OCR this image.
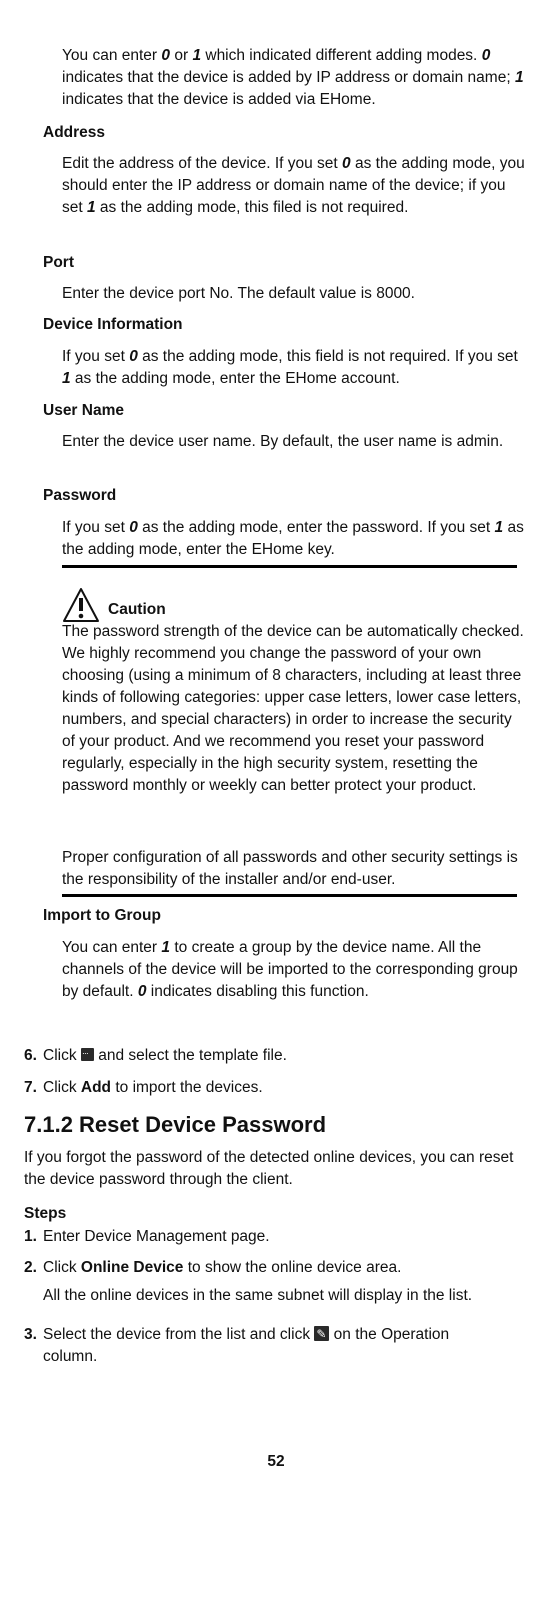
You can enter 0 or 1 which indicated different adding modes. 0 indicates that the device is added by IP address or domain name; 1 indicates that the device is added via EHome.

Address

Edit the address of the device. If you set 0 as the adding mode, you should enter the IP address or domain name of the device; if you set 1 as the adding mode, this filed is not required.

Port

Enter the device port No. The default value is 8000.

Device Information

If you set 0 as the adding mode, this field is not required. If you set 1 as the adding mode, enter the EHome account.

User Name

Enter the device user name. By default, the user name is admin.

Password

If you set 0 as the adding mode, enter the password. If you set 1 as the adding mode, enter the EHome key.

Caution

The password strength of the device can be automatically checked. We highly recommend you change the password of your own choosing (using a minimum of 8 characters, including at least three kinds of following categories: upper case letters, lower case letters, numbers, and special characters) in order to increase the security of your product. And we recommend you reset your password regularly, especially in the high security system, resetting the password monthly or weekly can better protect your product.

Proper configuration of all passwords and other security settings is the responsibility of the installer and/or end-user.

Import to Group

You can enter 1 to create a group by the device name. All the channels of the device will be imported to the corresponding group by default. 0 indicates disabling this function.

6. Click ··· and select the template file.
7. Click Add to import the devices.
7.1.2 Reset Device Password

If you forgot the password of the detected online devices, you can reset the device password through the client.

Steps
1. Enter Device Management page.
2. Click Online Device to show the online device area.
All the online devices in the same subnet will display in the list.
3. Select the device from the list and click ✎ on the Operation column.
52
